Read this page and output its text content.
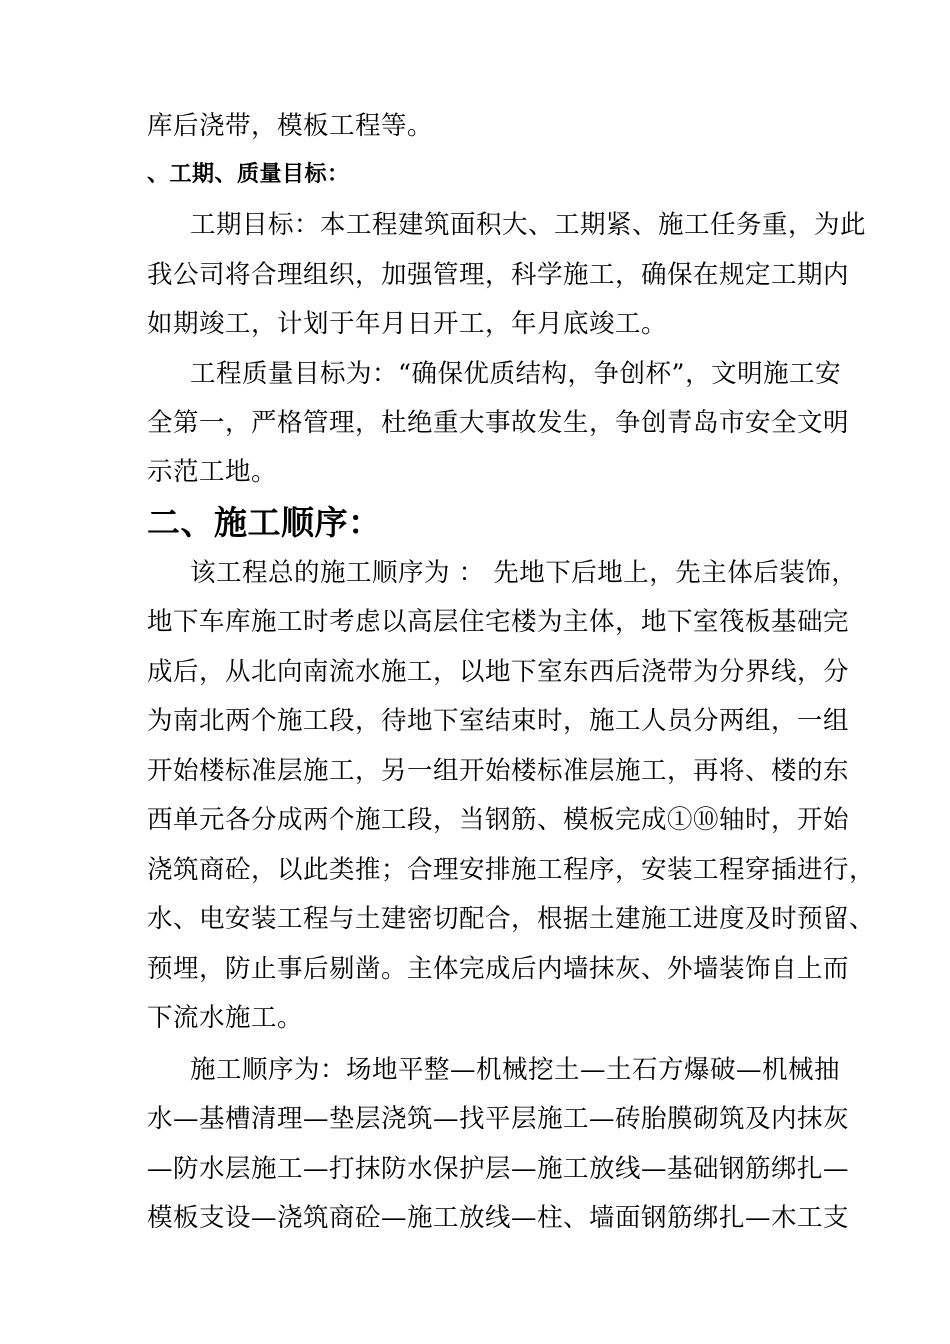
库后浇带，模板工程等。
、工期、质量目标：
工期目标：本工程建筑面积大、工期紧、施工任务重，为此
我公司将合理组织，加强管理，科学施工，确保在规定工期内
如期竣工，计划于年月日开工，年月底竣工。
工程质量目标为：“确保优质结构，争创杯”，文明施工安
全第一，严格管理，杜绝重大事故发生，争创青岛市安全文明
示范工地。
二、施工顺序：
该工程总的施工顺序为 ： 先地下后地上，先主体后装饰，
地下车库施工时考虑以高层住宅楼为主体，地下室筏板基础完
成后，从北向南流水施工，以地下室东西后浇带为分界线，分
为南北两个施工段，待地下室结束时，施工人员分两组，一组
开始楼标准层施工，另一组开始楼标准层施工，再将、楼的东
西单元各分成两个施工段，当钢筋、模板完成①⑩轴时，开始
浇筑商砼，以此类推；合理安排施工程序，安装工程穿插进行，
水、电安装工程与土建密切配合，根据土建施工进度及时预留、
预埋，防止事后剔凿。主体完成后内墙抹灰、外墙装饰自上而
下流水施工。
施工顺序为：场地平整—机械挖土—土石方爆破—机械抽
水—基槽清理—垫层浇筑—找平层施工—砖胎膜砌筑及内抹灰
—防水层施工—打抹防水保护层—施工放线—基础钢筋绑扎—
模板支设—浇筑商砼—施工放线—柱、墙面钢筋绑扎—木工支
